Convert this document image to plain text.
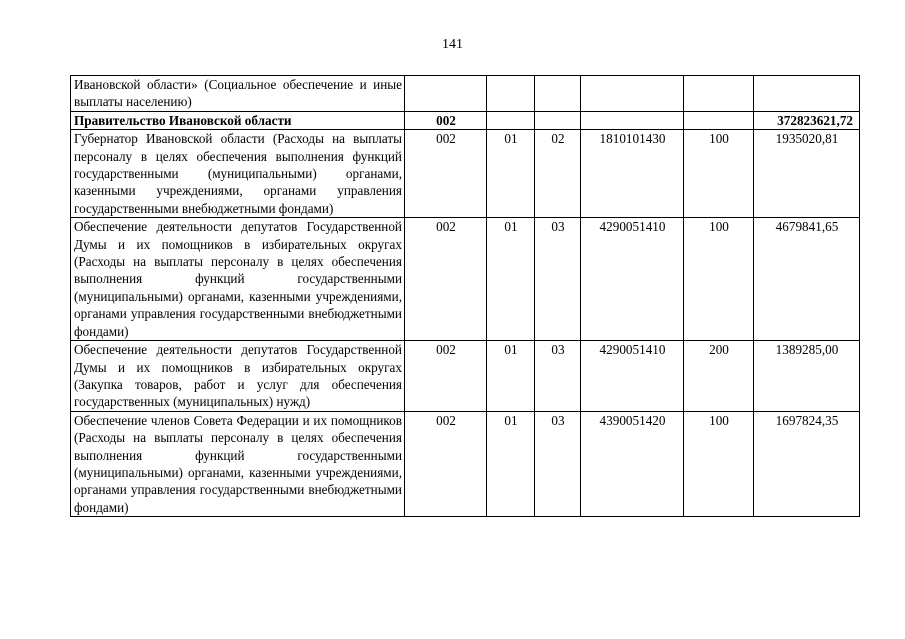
141
Ивановской области» (Социальное обеспечение и иные выплаты населению)						
Правительство Ивановской области	002					372823621,72
Губернатор Ивановской области (Расходы на выплаты персоналу в целях обеспечения выполнения функций государственными (муниципальными) органами, казенными учреждениями, органами управления государственными внебюджетными фондами)	002	01	02	1810101430	100	1935020,81
Обеспечение деятельности депутатов Государственной Думы и их помощников в избирательных округах (Расходы на выплаты персоналу в целях обеспечения выполнения функций государственными (муниципальными) органами, казенными учреждениями, органами управления государственными внебюджетными фондами)	002	01	03	4290051410	100	4679841,65
Обеспечение деятельности депутатов Государственной Думы и их помощников в избирательных округах (Закупка товаров, работ и услуг для обеспечения государственных (муниципальных) нужд)	002	01	03	4290051410	200	1389285,00
Обеспечение членов Совета Федерации и их помощников (Расходы на выплаты персоналу в целях обеспечения выполнения функций государственными (муниципальными) органами, казенными учреждениями, органами управления государственными внебюджетными фондами)	002	01	03	4390051420	100	1697824,35
